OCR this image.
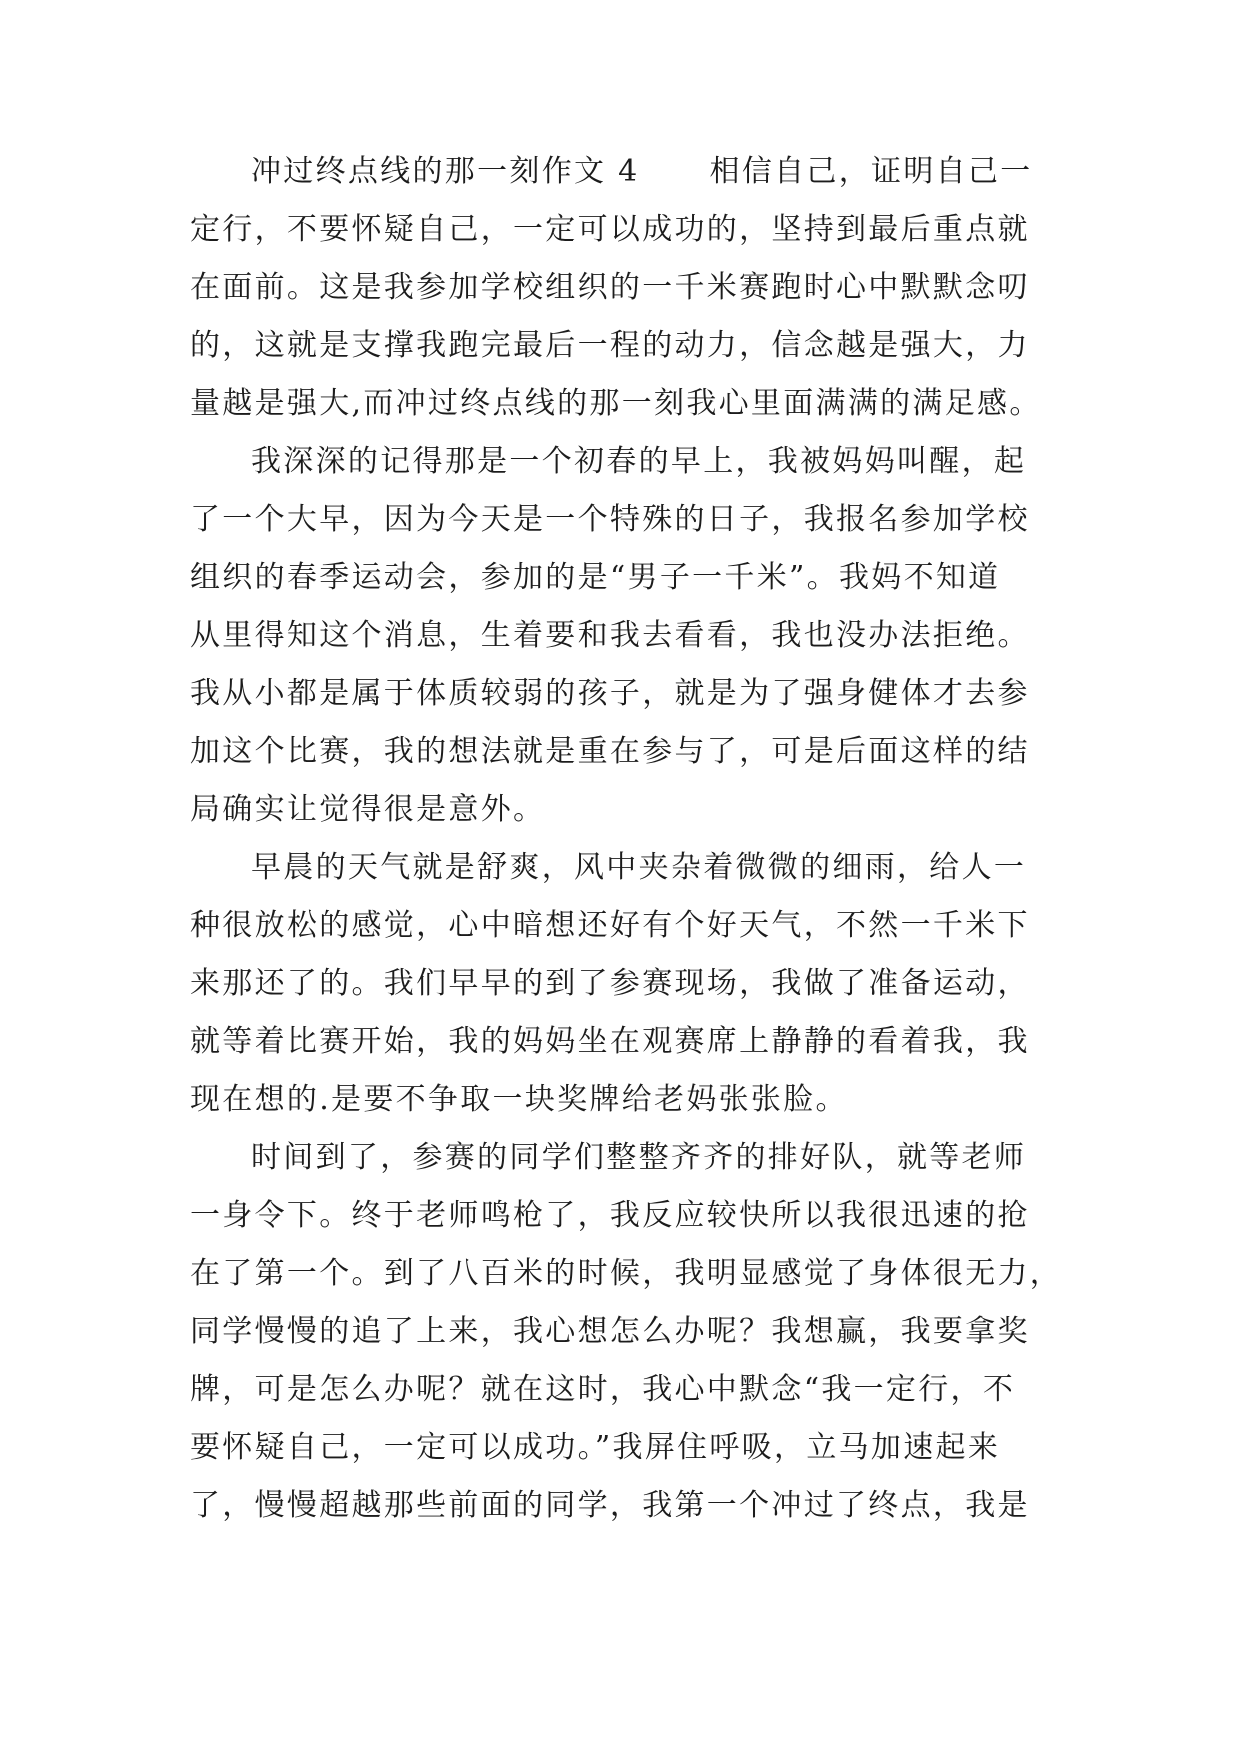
冲过终点线的那一刻作文 4 相信自己，证明自己一
定行，不要怀疑自己，一定可以成功的，坚持到最后重点就
在面前。这是我参加学校组织的一千米赛跑时心中默默念叨
的，这就是支撑我跑完最后一程的动力，信念越是强大，力
量越是强大,而冲过终点线的那一刻我心里面满满的满足感。
我深深的记得那是一个初春的早上，我被妈妈叫醒，起
了一个大早，因为今天是一个特殊的日子，我报名参加学校
组织的春季运动会，参加的是“男子一千米”。我妈不知道
从里得知这个消息，生着要和我去看看，我也没办法拒绝。
我从小都是属于体质较弱的孩子，就是为了强身健体才去参
加这个比赛，我的想法就是重在参与了，可是后面这样的结
局确实让觉得很是意外。
早晨的天气就是舒爽，风中夹杂着微微的细雨，给人一
种很放松的感觉，心中暗想还好有个好天气，不然一千米下
来那还了的。我们早早的到了参赛现场，我做了准备运动，
就等着比赛开始，我的妈妈坐在观赛席上静静的看着我，我
现在想的.是要不争取一块奖牌给老妈张张脸。
时间到了，参赛的同学们整整齐齐的排好队，就等老师
一身令下。终于老师鸣枪了，我反应较快所以我很迅速的抢
在了第一个。到了八百米的时候，我明显感觉了身体很无力，
同学慢慢的追了上来，我心想怎么办呢？我想赢，我要拿奖
牌，可是怎么办呢？就在这时，我心中默念“我一定行，不
要怀疑自己，一定可以成功。”我屏住呼吸，立马加速起来
了，慢慢超越那些前面的同学，我第一个冲过了终点，我是
